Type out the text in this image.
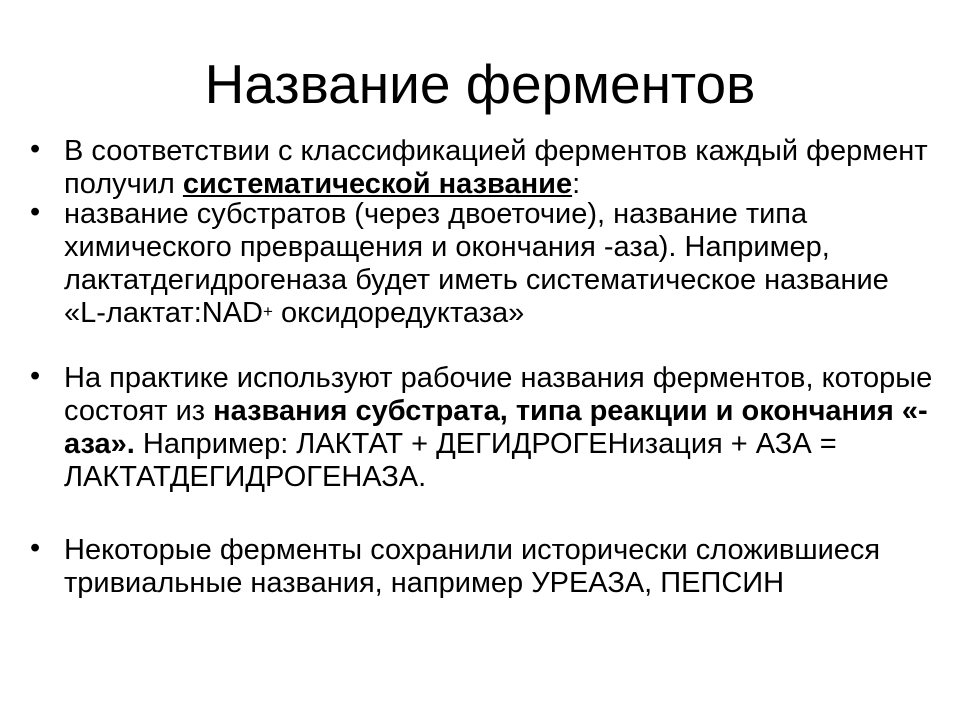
Название ферментов
• В соответствии с классификацией ферментов каждый фермент получил систематической название:
• название субстратов (через двоеточие), название типа химического превращения и окончания -аза). Например, лактатдегидрогеназа будет иметь систематическое название «L-лактат:NAD+ оксидоредуктаза»
• На практике используют рабочие названия ферментов, которые состоят из названия субстрата, типа реакции и окончания «-аза». Например: ЛАКТАТ + ДЕГИДРОГЕНизация + АЗА = ЛАКТАТДЕГИДРОГЕНАЗА.
• Некоторые ферменты сохранили исторически сложившиеся тривиальные названия, например УРЕАЗА, ПЕПСИН
